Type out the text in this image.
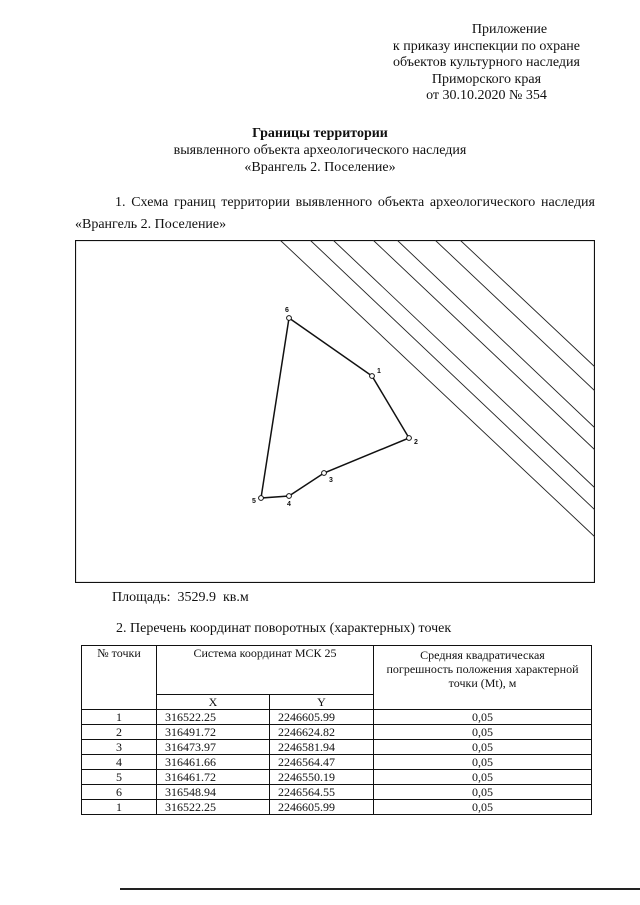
Приложение
к приказу инспекции по охране
объектов культурного наследия
Приморского края
от 30.10.2020 № 354
Границы территории
выявленного объекта археологического наследия
«Врангель 2. Поселение»
1. Схема границ территории выявленного объекта археологического наследия «Врангель 2. Поселение»
6
1
2
3
4
5
Площадь: 3529.9 кв.м
2. Перечень координат поворотных (характерных) точек
№ точки	Система координат МСК 25		Средняя квадратическая погрешность положения характерной точки (Mt), м
	X	Y	
1	316522.25	2246605.99	0,05
2	316491.72	2246624.82	0,05
3	316473.97	2246581.94	0,05
4	316461.66	2246564.47	0,05
5	316461.72	2246550.19	0,05
6	316548.94	2246564.55	0,05
1	316522.25	2246605.99	0,05
